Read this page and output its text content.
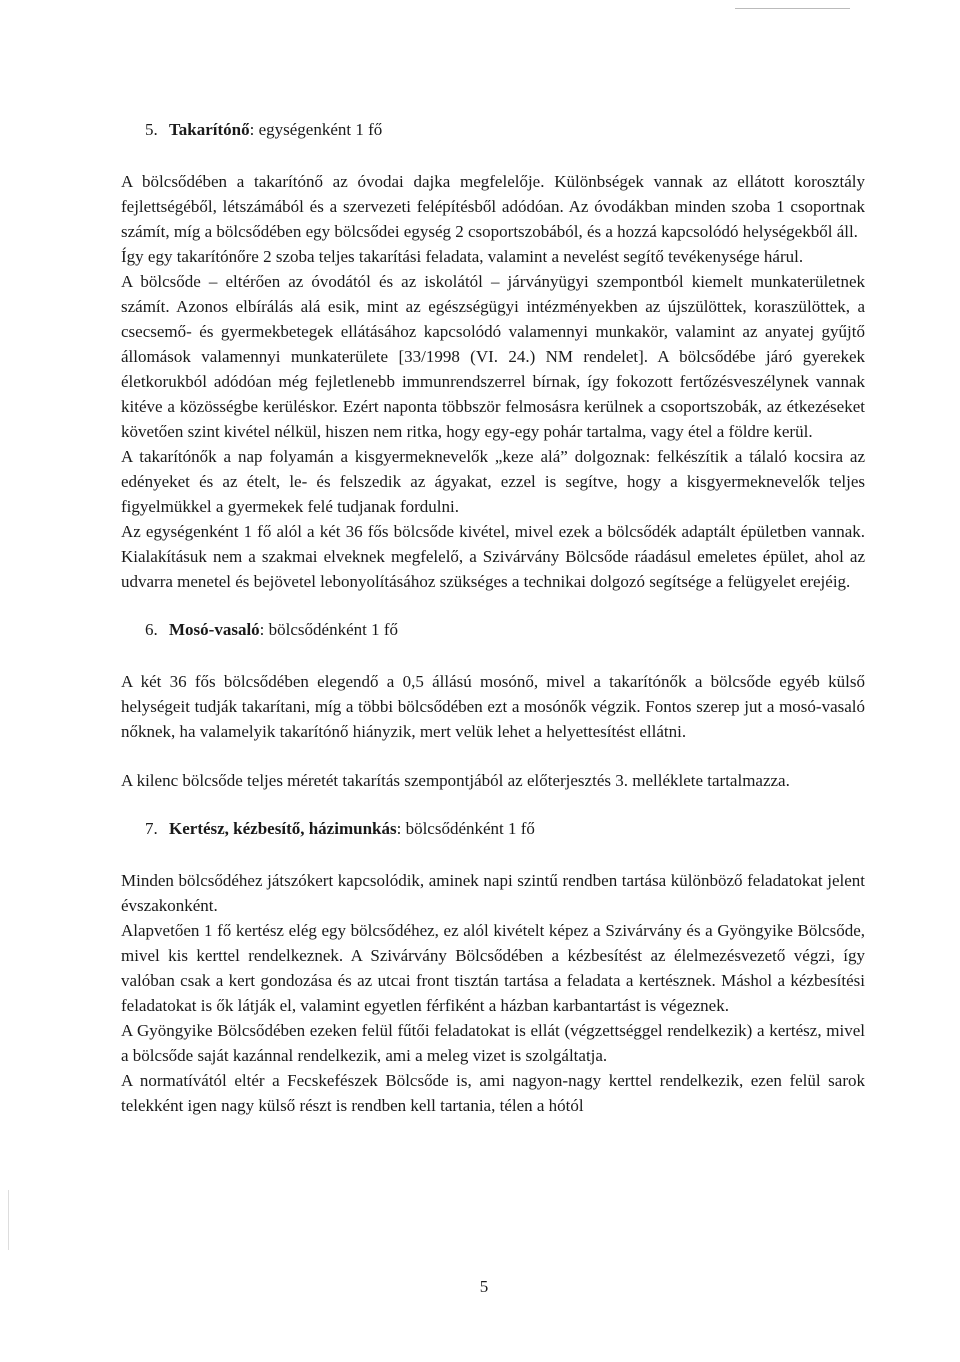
5. Takarítónő: egységenként 1 fő

A bölcsődében a takarítónő az óvodai dajka megfelelője. Különbségek vannak az ellátott korosztály fejlettségéből, létszámából és a szervezeti felépítésből adódóan. Az óvodákban minden szoba 1 csoportnak számít, míg a bölcsődében egy bölcsődei egység 2 csoportszobából, és a hozzá kapcsolódó helységekből áll.

Így egy takarítónőre 2 szoba teljes takarítási feladata, valamint a nevelést segítő tevékenysége hárul.

A bölcsőde – eltérően az óvodától és az iskolától – járványügyi szempontból kiemelt munkaterületnek számít. Azonos elbírálás alá esik, mint az egészségügyi intézményekben az újszülöttek, koraszülöttek, a csecsemő- és gyermekbetegek ellátásához kapcsolódó valamennyi munkakör, valamint az anyatej gyűjtő állomások valamennyi munkaterülete [33/1998 (VI. 24.) NM rendelet]. A bölcsődébe járó gyerekek életkorukból adódóan még fejletlenebb immunrendszerrel bírnak, így fokozott fertőzésveszélynek vannak kitéve a közösségbe kerüléskor. Ezért naponta többször felmosásra kerülnek a csoportszobák, az étkezéseket követően szint kivétel nélkül, hiszen nem ritka, hogy egy-egy pohár tartalma, vagy étel a földre kerül.

A takarítónők a nap folyamán a kisgyermeknevelők „keze alá” dolgoznak: felkészítik a tálaló kocsira az edényeket és az ételt, le- és felszedik az ágyakat, ezzel is segítve, hogy a kisgyermeknevelők teljes figyelmükkel a gyermekek felé tudjanak fordulni.

Az egységenként 1 fő alól a két 36 fős bölcsőde kivétel, mivel ezek a bölcsődék adaptált épületben vannak. Kialakításuk nem a szakmai elveknek megfelelő, a Szivárvány Bölcsőde ráadásul emeletes épület, ahol az udvarra menetel és bejövetel lebonyolításához szükséges a technikai dolgozó segítsége a felügyelet erejéig.

6. Mosó-vasaló: bölcsődénként 1 fő

A két 36 fős bölcsődében elegendő a 0,5 állású mosónő, mivel a takarítónők a bölcsőde egyéb külső helységeit tudják takarítani, míg a többi bölcsődében ezt a mosónők végzik. Fontos szerep jut a mosó-vasaló nőknek, ha valamelyik takarítónő hiányzik, mert velük lehet a helyettesítést ellátni.

A kilenc bölcsőde teljes méretét takarítás szempontjából az előterjesztés 3. melléklete tartalmazza.

7. Kertész, kézbesítő, házimunkás: bölcsődénként 1 fő

Minden bölcsődéhez játszókert kapcsolódik, aminek napi szintű rendben tartása különböző feladatokat jelent évszakonként.

Alapvetően 1 fő kertész elég egy bölcsődéhez, ez alól kivételt képez a Szivárvány és a Gyöngyike Bölcsőde, mivel kis kerttel rendelkeznek. A Szivárvány Bölcsődében a kézbesítést az élelmezésvezető végzi, így valóban csak a kert gondozása és az utcai front tisztán tartása a feladata a kertésznek. Máshol a kézbesítési feladatokat is ők látják el, valamint egyetlen férfiként a házban karbantartást is végeznek.

A Gyöngyike Bölcsődében ezeken felül fűtői feladatokat is ellát (végzettséggel rendelkezik) a kertész, mivel a bölcsőde saját kazánnal rendelkezik, ami a meleg vizet is szolgáltatja.

A normatívától eltér a Fecskefészek Bölcsőde is, ami nagyon-nagy kerttel rendelkezik, ezen felül sarok telekként igen nagy külső részt is rendben kell tartania, télen a hótól

5
